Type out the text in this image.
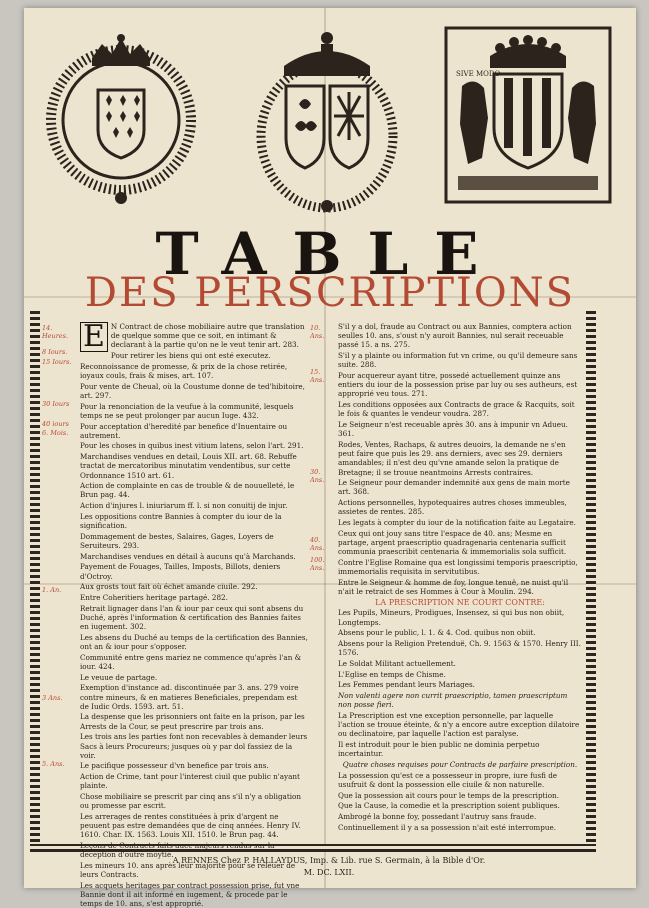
SIVE MODO
TABLE
DES PERSCRIPTIONS
14. Heures.
8 Iours.
15 Iours.
30 Iours
40 iours
6. Mois.
1. An.
3 Ans.
5. Ans.
10. Ans.
15. Ans.
30. Ans.
40. Ans.
100. Ans.

E N Contract de chose mobiliaire autre que translation de quelque somme que ce soit, en intimant & declarant à la partie qu'on ne le veut tenir art. 283.

Pour retirer les biens qui ont esté executez.

Reconnoissance de promesse, & prix de la chose retirée, ioyaux couls, frais & mises, art. 107.

Pour vente de Cheual, où la Coustume donne de ted'hibitoire, art. 297.

Pour la renonciation de la veufue à la communité, lesquels temps ne se peut prolonger par aucun Iuge. 432.

Pour acceptation d'heredité par benefice d'Inuentaire ou autrement.

Pour les choses in quibus inest vitium latens, selon l'art. 291.

Marchandises vendues en detail, Louis XII. art. 68. Rebuffe tractat de mercatoribus minutatim vendentibus, sur cette Ordonnance 1510 art. 61.

Action de complainte en cas de trouble & de nouuelleté, le Brun pag. 44.

Action d'injures l. iniuriarum ff. l. si non conuitij de injur.

Les oppositions contre Bannies à compter du iour de la signification.

Dommagement de bestes, Salaires, Gages, Loyers de Seruiteurs. 293.

Marchandises vendues en détail à aucuns qu'à Marchands.

Payement de Fouages, Tailles, Imposts, Billots, deniers d'Octroy.

Aux grosts tout fait où échet amande ciuile. 292.

Entre Coheritiers heritage partagé. 282.

Retrait lignager dans l'an & iour par ceux qui sont absens du Duché, après l'information & certification des Bannies faites en iugement. 302.

Les absens du Duché au temps de la certification des Bannies, ont an & iour pour s'opposer.

Communité entre gens mariez ne commence qu'après l'an & iour. 424.

Le veuue de partage.

Exemption d'instance ad. discontinuée par 3. ans. 279 voire contre mineurs, & en matieres Beneficiales, prependam est de Iudic Ords. 1593. art. 51.

La despense que les prisonniers ont faite en la prison, par les Arrests de la Cour, se peut prescrire par trois ans.

Les trois ans les parties font non recevables à demander leurs Sacs à leurs Procureurs; jusques où y par dol fassiez de la voir.

Le pacifique possesseur d'vn benefice par trois ans.

Action de Crime, tant pour l'interest ciuil que public n'ayant plainte.

Chose mobiliaire se prescrit par cinq ans s'il n'y a obligation ou promesse par escrit.

Les arrerages de rentes constituées à prix d'argent ne peuuent pas estre demandées que de cinq années. Henry IV. 1610. Char. IX. 1563. Louis XII. 1510. le Brun pag. 44.

Leçons de Contracts faits auec majeurs rendus sur la deception d'outre moytié.

Les mineurs 10. ans après leur majorité pour se releuer de leurs Contracts.

Les acquets heritages par contract possession prise, fut vne Bannie dont il ait informé en iugement, & procede par le temps de 10. ans, s'est approprié.

S'il y a dol, fraude au Contract ou aux Bannies, comptera action seulles 10. ans, s'oust n'y auroit Bannies, nul serait receuable passé 15. a ns. 275.

S'il y a plainte ou information fut vn crime, ou qu'il demeure sans suite. 288.

Pour acquereur ayant titre, possedé actuellement quinze ans entiers du iour de la possession prise par luy ou ses autheurs, est approprié veu tous. 271.

Les conditions opposées aux Contracts de grace & Racquits, soit le fois & quantes le vendeur voudra. 287.

Le Seigneur n'est receuable après 30. ans à impunir vn Adueu. 361.

Rodes, Ventes, Rachaps, & autres deuoirs, la demande ne s'en peut faire que puis les 29. ans derniers, avec ses 29. derniers amandables; il n'est deu qu'vne amande selon la pratique de Bretagne; il se trouue neantmoins Arrests contraires.

Le Seigneur pour demander indemnité aux gens de main morte art. 368.

Actions personnelles, hypotequaires autres choses immeubles, assietes de rentes. 285.

Les legats à compter du iour de la notification faite au Legataire.

Ceux qui ont jouy sans titre l'espace de 40. ans; Mesme en partage, argent praescriptio quadragenaria centenaria sufficit communia praescribit centenaria & immemorialis sola sufficit.

Contre l'Eglise Romaine qua est longissimi temporis praescriptio, immemorialis requisita in servitutibus.

Entre le Seigneur & homme de foy, longue tenuë, ne nuist qu'il n'ait le retraict de ses Hommes à Cour à Moulin. 294.

LA PRESCRIPTION NE COURT CONTRE:

Les Pupils, Mineurs, Prodigues, Insensez, si qui bus non obiit, Longtemps.

Absens pour le public, l. 1. & 4. Cod. quibus non obiit.

Absens pour la Religion Pretenduë, Ch. 9. 1563 & 1570. Henry III. 1576.

Le Soldat Militant actuellement.

L'Eglise en temps de Chisme.

Les Femmes pendant leurs Mariages.

Non valenti agere non currit praescriptio, tamen praescriptum non posse fieri.

La Prescription est vne exception personnelle, par laquelle l'action se trouue éteinte, & n'y a encore autre exception dilatoire ou declinatoire, par laquelle l'action est paralyse.

Il est introduit pour le bien public ne dominia perpetuo incertaintur.

Quatre choses requises pour Contracts de parfaire prescription.

La possession qu'est ce a possesseur in propre, iure fusfi de usufruit & dont la possession elle ciuile & non naturelle.

Que la possession ait cours pour le temps de la prescription.

Que la Cause, la comedie et la prescription soient publiques.

Ambrogé la bonne foy, possedant l'autruy sans fraude.

Continuellement il y a sa possession n'ait esté interrompue.

A RENNES Chez P. HALLAYDUS, Imp. & Lib. rue S. Germain, à la Bible d'Or.
M. DC. LXII.
